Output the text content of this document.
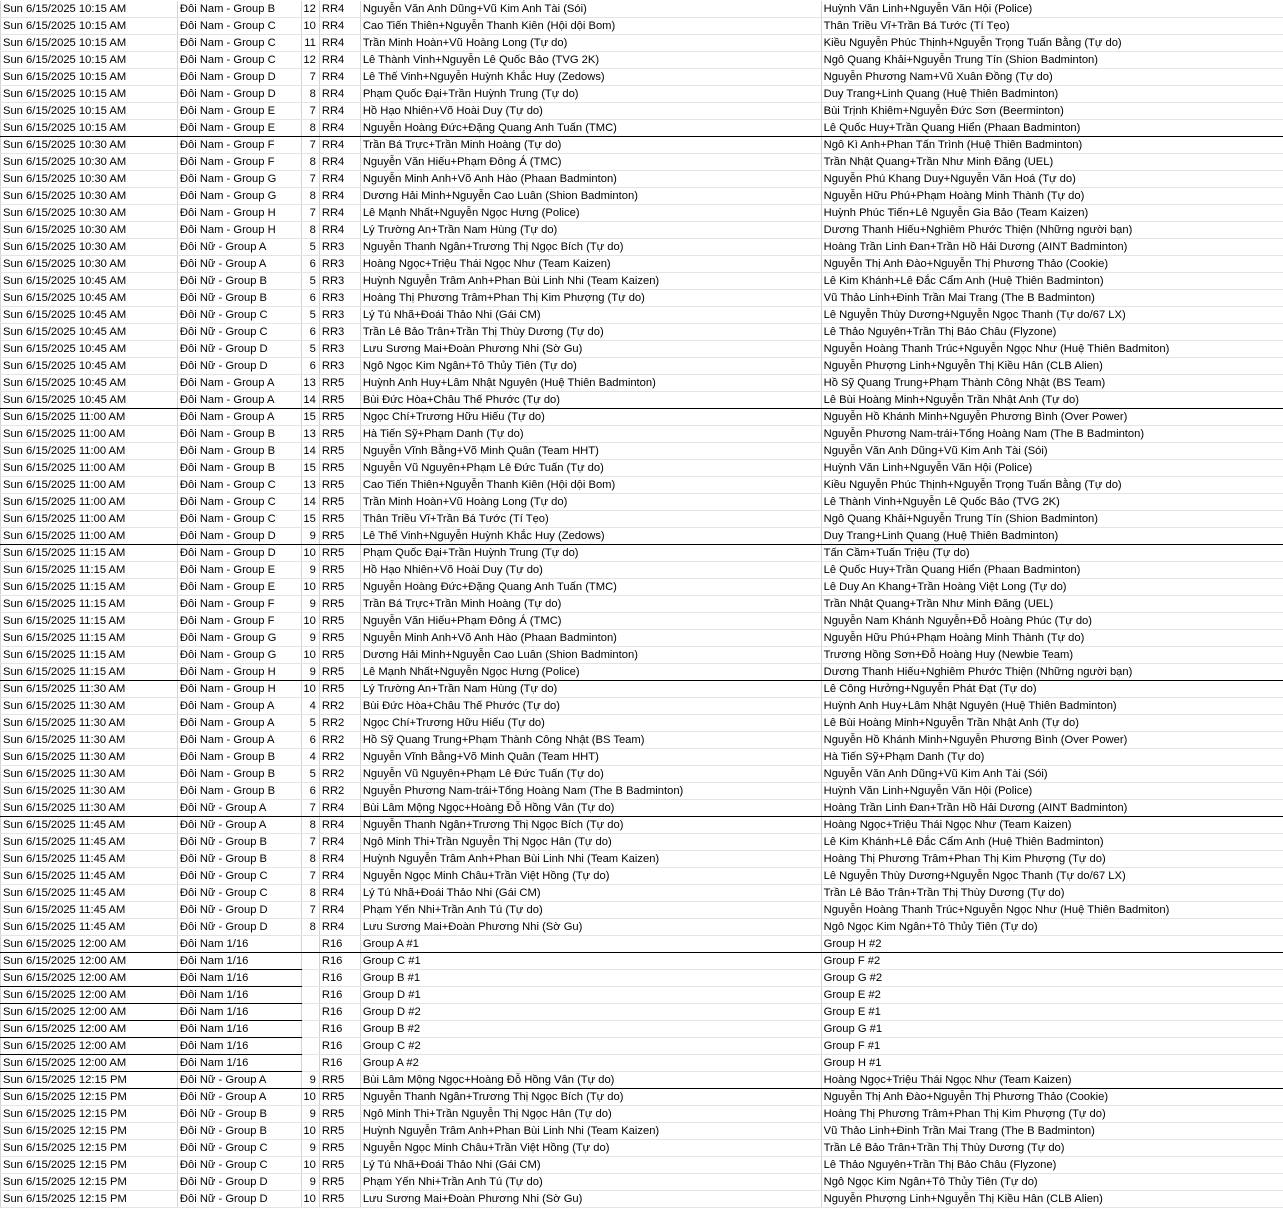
Sun 6/15/2025 10:15 AM	Đôi Nam - Group B	12	RR4	Nguyễn Văn Anh Dũng+Vũ Kim Anh Tài (Sói)	Huỳnh Văn Linh+Nguyễn Văn Hội (Police)
Sun 6/15/2025 10:15 AM	Đôi Nam - Group C	10	RR4	Cao Tiến Thiên+Nguyễn Thanh Kiên (Hội dội Bom)	Thân Triều Vĩ+Trần Bá Tước (Tí Tẹo)
Sun 6/15/2025 10:15 AM	Đôi Nam - Group C	11	RR4	Trần Minh Hoàn+Vũ Hoàng Long (Tự do)	Kiều Nguyễn Phúc Thịnh+Nguyễn Trọng Tuấn Bằng (Tự do)
Sun 6/15/2025 10:15 AM	Đôi Nam - Group C	12	RR4	Lê Thành Vinh+Nguyễn Lê Quốc Bảo (TVG 2K)	Ngô Quang Khải+Nguyễn Trung Tín (Shion Badminton)
Sun 6/15/2025 10:15 AM	Đôi Nam - Group D	7	RR4	Lê Thế Vinh+Nguyễn Huỳnh Khắc Huy (Zedows)	Nguyễn Phương Nam+Vũ Xuân Đồng (Tự do)
Sun 6/15/2025 10:15 AM	Đôi Nam - Group D	8	RR4	Phạm Quốc Đại+Trần Huỳnh Trung (Tự do)	Duy Trang+Linh Quang (Huệ Thiên Badminton)
Sun 6/15/2025 10:15 AM	Đôi Nam - Group E	7	RR4	Hồ Hạo Nhiên+Võ Hoài Duy (Tự do)	Bùi Trịnh Khiêm+Nguyễn Đức Sơn (Beerminton)
Sun 6/15/2025 10:15 AM	Đôi Nam - Group E	8	RR4	Nguyễn Hoàng Đức+Đặng Quang Anh Tuấn (TMC)	Lê Quốc Huy+Trần Quang Hiển (Phaan Badminton)
Sun 6/15/2025 10:30 AM	Đôi Nam - Group F	7	RR4	Trần Bá Trực+Trần Minh Hoàng (Tự do)	Ngô Kì Anh+Phan Tấn Trình (Huệ Thiên Badminton)
Sun 6/15/2025 10:30 AM	Đôi Nam - Group F	8	RR4	Nguyễn Văn Hiếu+Phạm Đông Á (TMC)	Trần Nhật Quang+Trần Như Minh Đăng (UEL)
Sun 6/15/2025 10:30 AM	Đôi Nam - Group G	7	RR4	Nguyễn Minh Anh+Võ Anh Hào (Phaan Badminton)	Nguyễn Phú Khang Duy+Nguyễn Văn Hoá (Tự do)
Sun 6/15/2025 10:30 AM	Đôi Nam - Group G	8	RR4	Dương Hải Minh+Nguyễn Cao Luân (Shion Badminton)	Nguyễn Hữu Phú+Phạm Hoàng Minh Thành (Tự do)
Sun 6/15/2025 10:30 AM	Đôi Nam - Group H	7	RR4	Lê Mạnh Nhất+Nguyễn Ngọc Hưng (Police)	Huỳnh Phúc Tiến+Lê Nguyễn Gia Bảo (Team Kaizen)
Sun 6/15/2025 10:30 AM	Đôi Nam - Group H	8	RR4	Lý Trường An+Trần Nam Hùng (Tự do)	Dương Thanh Hiếu+Nghiêm Phước Thiện (Những người bạn)
Sun 6/15/2025 10:30 AM	Đôi Nữ - Group A	5	RR3	Nguyễn Thanh Ngân+Trương Thị Ngọc Bích (Tự do)	Hoàng Trần Linh Đan+Trần Hồ Hải Dương (AINT Badminton)
Sun 6/15/2025 10:30 AM	Đôi Nữ - Group A	6	RR3	Hoàng Ngọc+Triệu Thái Ngọc Như (Team Kaizen)	Nguyễn Thị Anh Đào+Nguyễn Thị Phương Thảo (Cookie)
Sun 6/15/2025 10:45 AM	Đôi Nữ - Group B	5	RR3	Huỳnh Nguyễn Trâm Anh+Phan Bùi Linh Nhi (Team Kaizen)	Lê Kim Khánh+Lê Đắc Cẩm Anh (Huệ Thiên Badminton)
Sun 6/15/2025 10:45 AM	Đôi Nữ - Group B	6	RR3	Hoàng Thị Phương Trâm+Phan Thị Kim Phượng (Tự do)	Vũ Thảo Linh+Đinh Trần Mai Trang (The B Badminton)
Sun 6/15/2025 10:45 AM	Đôi Nữ - Group C	5	RR3	Lý Tú Nhã+Đoái Thảo Nhi (Gái CM)	Lê Nguyễn Thùy Dương+Nguyễn Ngọc Thanh (Tự do/67 LX)
Sun 6/15/2025 10:45 AM	Đôi Nữ - Group C	6	RR3	Trần Lê Bảo Trân+Trần Thị Thùy Dương (Tự do)	Lê Thảo Nguyên+Trần Thị Bảo Châu (Flyzone)
Sun 6/15/2025 10:45 AM	Đôi Nữ - Group D	5	RR3	Lưu Sương Mai+Đoàn Phương Nhi (Sờ Gu)	Nguyễn Hoàng Thanh Trúc+Nguyễn Ngọc Như (Huệ Thiên Badmiton)
Sun 6/15/2025 10:45 AM	Đôi Nữ - Group D	6	RR3	Ngô Ngọc Kim Ngân+Tô Thủy Tiên (Tự do)	Nguyễn Phượng Linh+Nguyễn Thị Kiều Hân (CLB Alien)
Sun 6/15/2025 10:45 AM	Đôi Nam - Group A	13	RR5	Huỳnh Anh Huy+Lâm Nhật Nguyên (Huệ Thiên Badminton)	Hồ Sỹ Quang Trung+Phạm Thành Công Nhật (BS Team)
Sun 6/15/2025 10:45 AM	Đôi Nam - Group A	14	RR5	Bùi Đức Hòa+Châu Thế Phước (Tự do)	Lê Bùi Hoàng Minh+Nguyễn Trần Nhật Anh (Tự do)
Sun 6/15/2025 11:00 AM	Đôi Nam - Group A	15	RR5	Ngọc Chí+Trương Hữu Hiếu (Tự do)	Nguyễn Hồ Khánh Minh+Nguyễn Phương Bình (Over Power)
Sun 6/15/2025 11:00 AM	Đôi Nam - Group B	13	RR5	Hà Tiến Sỹ+Phạm Danh (Tự do)	Nguyễn Phương Nam-trái+Tống Hoàng Nam (The B Badminton)
Sun 6/15/2025 11:00 AM	Đôi Nam - Group B	14	RR5	Nguyễn Vĩnh Bằng+Võ Minh Quân (Team HHT)	Nguyễn Văn Anh Dũng+Vũ Kim Anh Tài (Sói)
Sun 6/15/2025 11:00 AM	Đôi Nam - Group B	15	RR5	Nguyễn Vũ Nguyên+Phạm Lê Đức Tuấn (Tự do)	Huỳnh Văn Linh+Nguyễn Văn Hội (Police)
Sun 6/15/2025 11:00 AM	Đôi Nam - Group C	13	RR5	Cao Tiến Thiên+Nguyễn Thanh Kiên (Hội dội Bom)	Kiều Nguyễn Phúc Thịnh+Nguyễn Trọng Tuấn Bằng (Tự do)
Sun 6/15/2025 11:00 AM	Đôi Nam - Group C	14	RR5	Trần Minh Hoàn+Vũ Hoàng Long (Tự do)	Lê Thành Vinh+Nguyễn Lê Quốc Bảo (TVG 2K)
Sun 6/15/2025 11:00 AM	Đôi Nam - Group C	15	RR5	Thân Triều Vĩ+Trần Bá Tước (Tí Tẹo)	Ngô Quang Khải+Nguyễn Trung Tín (Shion Badminton)
Sun 6/15/2025 11:00 AM	Đôi Nam - Group D	9	RR5	Lê Thế Vinh+Nguyễn Huỳnh Khắc Huy (Zedows)	Duy Trang+Linh Quang (Huệ Thiên Badminton)
Sun 6/15/2025 11:15 AM	Đôi Nam - Group D	10	RR5	Phạm Quốc Đại+Trần Huỳnh Trung (Tự do)	Tấn Cầm+Tuấn Triệu (Tự do)
Sun 6/15/2025 11:15 AM	Đôi Nam - Group E	9	RR5	Hồ Hạo Nhiên+Võ Hoài Duy (Tự do)	Lê Quốc Huy+Trần Quang Hiển (Phaan Badminton)
Sun 6/15/2025 11:15 AM	Đôi Nam - Group E	10	RR5	Nguyễn Hoàng Đức+Đặng Quang Anh Tuấn (TMC)	Lê Duy An Khang+Trần Hoàng Việt Long (Tự do)
Sun 6/15/2025 11:15 AM	Đôi Nam - Group F	9	RR5	Trần Bá Trực+Trần Minh Hoàng (Tự do)	Trần Nhật Quang+Trần Như Minh Đăng (UEL)
Sun 6/15/2025 11:15 AM	Đôi Nam - Group F	10	RR5	Nguyễn Văn Hiếu+Phạm Đông Á (TMC)	Nguyễn Nam Khánh Nguyễn+Đỗ Hoàng Phúc (Tự do)
Sun 6/15/2025 11:15 AM	Đôi Nam - Group G	9	RR5	Nguyễn Minh Anh+Võ Anh Hào (Phaan Badminton)	Nguyễn Hữu Phú+Phạm Hoàng Minh Thành (Tự do)
Sun 6/15/2025 11:15 AM	Đôi Nam - Group G	10	RR5	Dương Hải Minh+Nguyễn Cao Luân (Shion Badminton)	Trương Hồng Sơn+Đỗ Hoàng Huy (Newbie Team)
Sun 6/15/2025 11:15 AM	Đôi Nam - Group H	9	RR5	Lê Mạnh Nhất+Nguyễn Ngọc Hưng (Police)	Dương Thanh Hiếu+Nghiêm Phước Thiện (Những người bạn)
Sun 6/15/2025 11:30 AM	Đôi Nam - Group H	10	RR5	Lý Trường An+Trần Nam Hùng (Tự do)	Lê Công Hưởng+Nguyễn Phát Đạt (Tự do)
Sun 6/15/2025 11:30 AM	Đôi Nam - Group A	4	RR2	Bùi Đức Hòa+Châu Thế Phước (Tự do)	Huỳnh Anh Huy+Lâm Nhật Nguyên (Huệ Thiên Badminton)
Sun 6/15/2025 11:30 AM	Đôi Nam - Group A	5	RR2	Ngọc Chí+Trương Hữu Hiếu (Tự do)	Lê Bùi Hoàng Minh+Nguyễn Trần Nhật Anh (Tự do)
Sun 6/15/2025 11:30 AM	Đôi Nam - Group A	6	RR2	Hồ Sỹ Quang Trung+Phạm Thành Công Nhật (BS Team)	Nguyễn Hồ Khánh Minh+Nguyễn Phương Bình (Over Power)
Sun 6/15/2025 11:30 AM	Đôi Nam - Group B	4	RR2	Nguyễn Vĩnh Bằng+Võ Minh Quân (Team HHT)	Hà Tiến Sỹ+Phạm Danh (Tự do)
Sun 6/15/2025 11:30 AM	Đôi Nam - Group B	5	RR2	Nguyễn Vũ Nguyên+Phạm Lê Đức Tuấn (Tự do)	Nguyễn Văn Anh Dũng+Vũ Kim Anh Tài (Sói)
Sun 6/15/2025 11:30 AM	Đôi Nam - Group B	6	RR2	Nguyễn Phương Nam-trái+Tống Hoàng Nam (The B Badminton)	Huỳnh Văn Linh+Nguyễn Văn Hội (Police)
Sun 6/15/2025 11:30 AM	Đôi Nữ - Group A	7	RR4	Bùi Lâm Mộng Ngọc+Hoàng Đỗ Hồng Vân (Tự do)	Hoàng Trần Linh Đan+Trần Hồ Hải Dương (AINT Badminton)
Sun 6/15/2025 11:45 AM	Đôi Nữ - Group A	8	RR4	Nguyễn Thanh Ngân+Trương Thị Ngọc Bích (Tự do)	Hoàng Ngọc+Triệu Thái Ngọc Như (Team Kaizen)
Sun 6/15/2025 11:45 AM	Đôi Nữ - Group B	7	RR4	Ngô Minh Thi+Trần Nguyễn Thị Ngọc Hân (Tự do)	Lê Kim Khánh+Lê Đắc Cẩm Anh (Huệ Thiên Badminton)
Sun 6/15/2025 11:45 AM	Đôi Nữ - Group B	8	RR4	Huỳnh Nguyễn Trâm Anh+Phan Bùi Linh Nhi (Team Kaizen)	Hoàng Thị Phương Trâm+Phan Thị Kim Phượng (Tự do)
Sun 6/15/2025 11:45 AM	Đôi Nữ - Group C	7	RR4	Nguyễn Ngọc Minh Châu+Trần Việt Hồng (Tự do)	Lê Nguyễn Thùy Dương+Nguyễn Ngọc Thanh (Tự do/67 LX)
Sun 6/15/2025 11:45 AM	Đôi Nữ - Group C	8	RR4	Lý Tú Nhã+Đoái Thảo Nhi (Gái CM)	Trần Lê Bảo Trân+Trần Thị Thùy Dương (Tự do)
Sun 6/15/2025 11:45 AM	Đôi Nữ - Group D	7	RR4	Phạm Yến Nhi+Trần Anh Tú (Tự do)	Nguyễn Hoàng Thanh Trúc+Nguyễn Ngọc Như (Huệ Thiên Badmiton)
Sun 6/15/2025 11:45 AM	Đôi Nữ - Group D	8	RR4	Lưu Sương Mai+Đoàn Phương Nhi (Sờ Gu)	Ngô Ngọc Kim Ngân+Tô Thủy Tiên (Tự do)
Sun 6/15/2025 12:00 AM	Đôi Nam 1/16		R16	Group A #1	Group H #2
Sun 6/15/2025 12:00 AM	Đôi Nam 1/16		R16	Group C #1	Group F #2
Sun 6/15/2025 12:00 AM	Đôi Nam 1/16		R16	Group B #1	Group G #2
Sun 6/15/2025 12:00 AM	Đôi Nam 1/16		R16	Group D #1	Group E #2
Sun 6/15/2025 12:00 AM	Đôi Nam 1/16		R16	Group D #2	Group E #1
Sun 6/15/2025 12:00 AM	Đôi Nam 1/16		R16	Group B #2	Group G #1
Sun 6/15/2025 12:00 AM	Đôi Nam 1/16		R16	Group C #2	Group F #1
Sun 6/15/2025 12:00 AM	Đôi Nam 1/16		R16	Group A #2	Group H #1
Sun 6/15/2025 12:15 PM	Đôi Nữ - Group A	9	RR5	Bùi Lâm Mộng Ngọc+Hoàng Đỗ Hồng Vân (Tự do)	Hoàng Ngọc+Triệu Thái Ngọc Như (Team Kaizen)
Sun 6/15/2025 12:15 PM	Đôi Nữ - Group A	10	RR5	Nguyễn Thanh Ngân+Trương Thị Ngọc Bích (Tự do)	Nguyễn Thị Anh Đào+Nguyễn Thị Phương Thảo (Cookie)
Sun 6/15/2025 12:15 PM	Đôi Nữ - Group B	9	RR5	Ngô Minh Thi+Trần Nguyễn Thị Ngọc Hân (Tự do)	Hoàng Thị Phương Trâm+Phan Thị Kim Phượng (Tự do)
Sun 6/15/2025 12:15 PM	Đôi Nữ - Group B	10	RR5	Huỳnh Nguyễn Trâm Anh+Phan Bùi Linh Nhi (Team Kaizen)	Vũ Thảo Linh+Đinh Trần Mai Trang (The B Badminton)
Sun 6/15/2025 12:15 PM	Đôi Nữ - Group C	9	RR5	Nguyễn Ngọc Minh Châu+Trần Việt Hồng (Tự do)	Trần Lê Bảo Trân+Trần Thị Thùy Dương (Tự do)
Sun 6/15/2025 12:15 PM	Đôi Nữ - Group C	10	RR5	Lý Tú Nhã+Đoái Thảo Nhi (Gái CM)	Lê Thảo Nguyên+Trần Thị Bảo Châu (Flyzone)
Sun 6/15/2025 12:15 PM	Đôi Nữ - Group D	9	RR5	Phạm Yến Nhi+Trần Anh Tú (Tự do)	Ngô Ngọc Kim Ngân+Tô Thủy Tiên (Tự do)
Sun 6/15/2025 12:15 PM	Đôi Nữ - Group D	10	RR5	Lưu Sương Mai+Đoàn Phương Nhi (Sờ Gu)	Nguyễn Phượng Linh+Nguyễn Thị Kiều Hân (CLB Alien)
